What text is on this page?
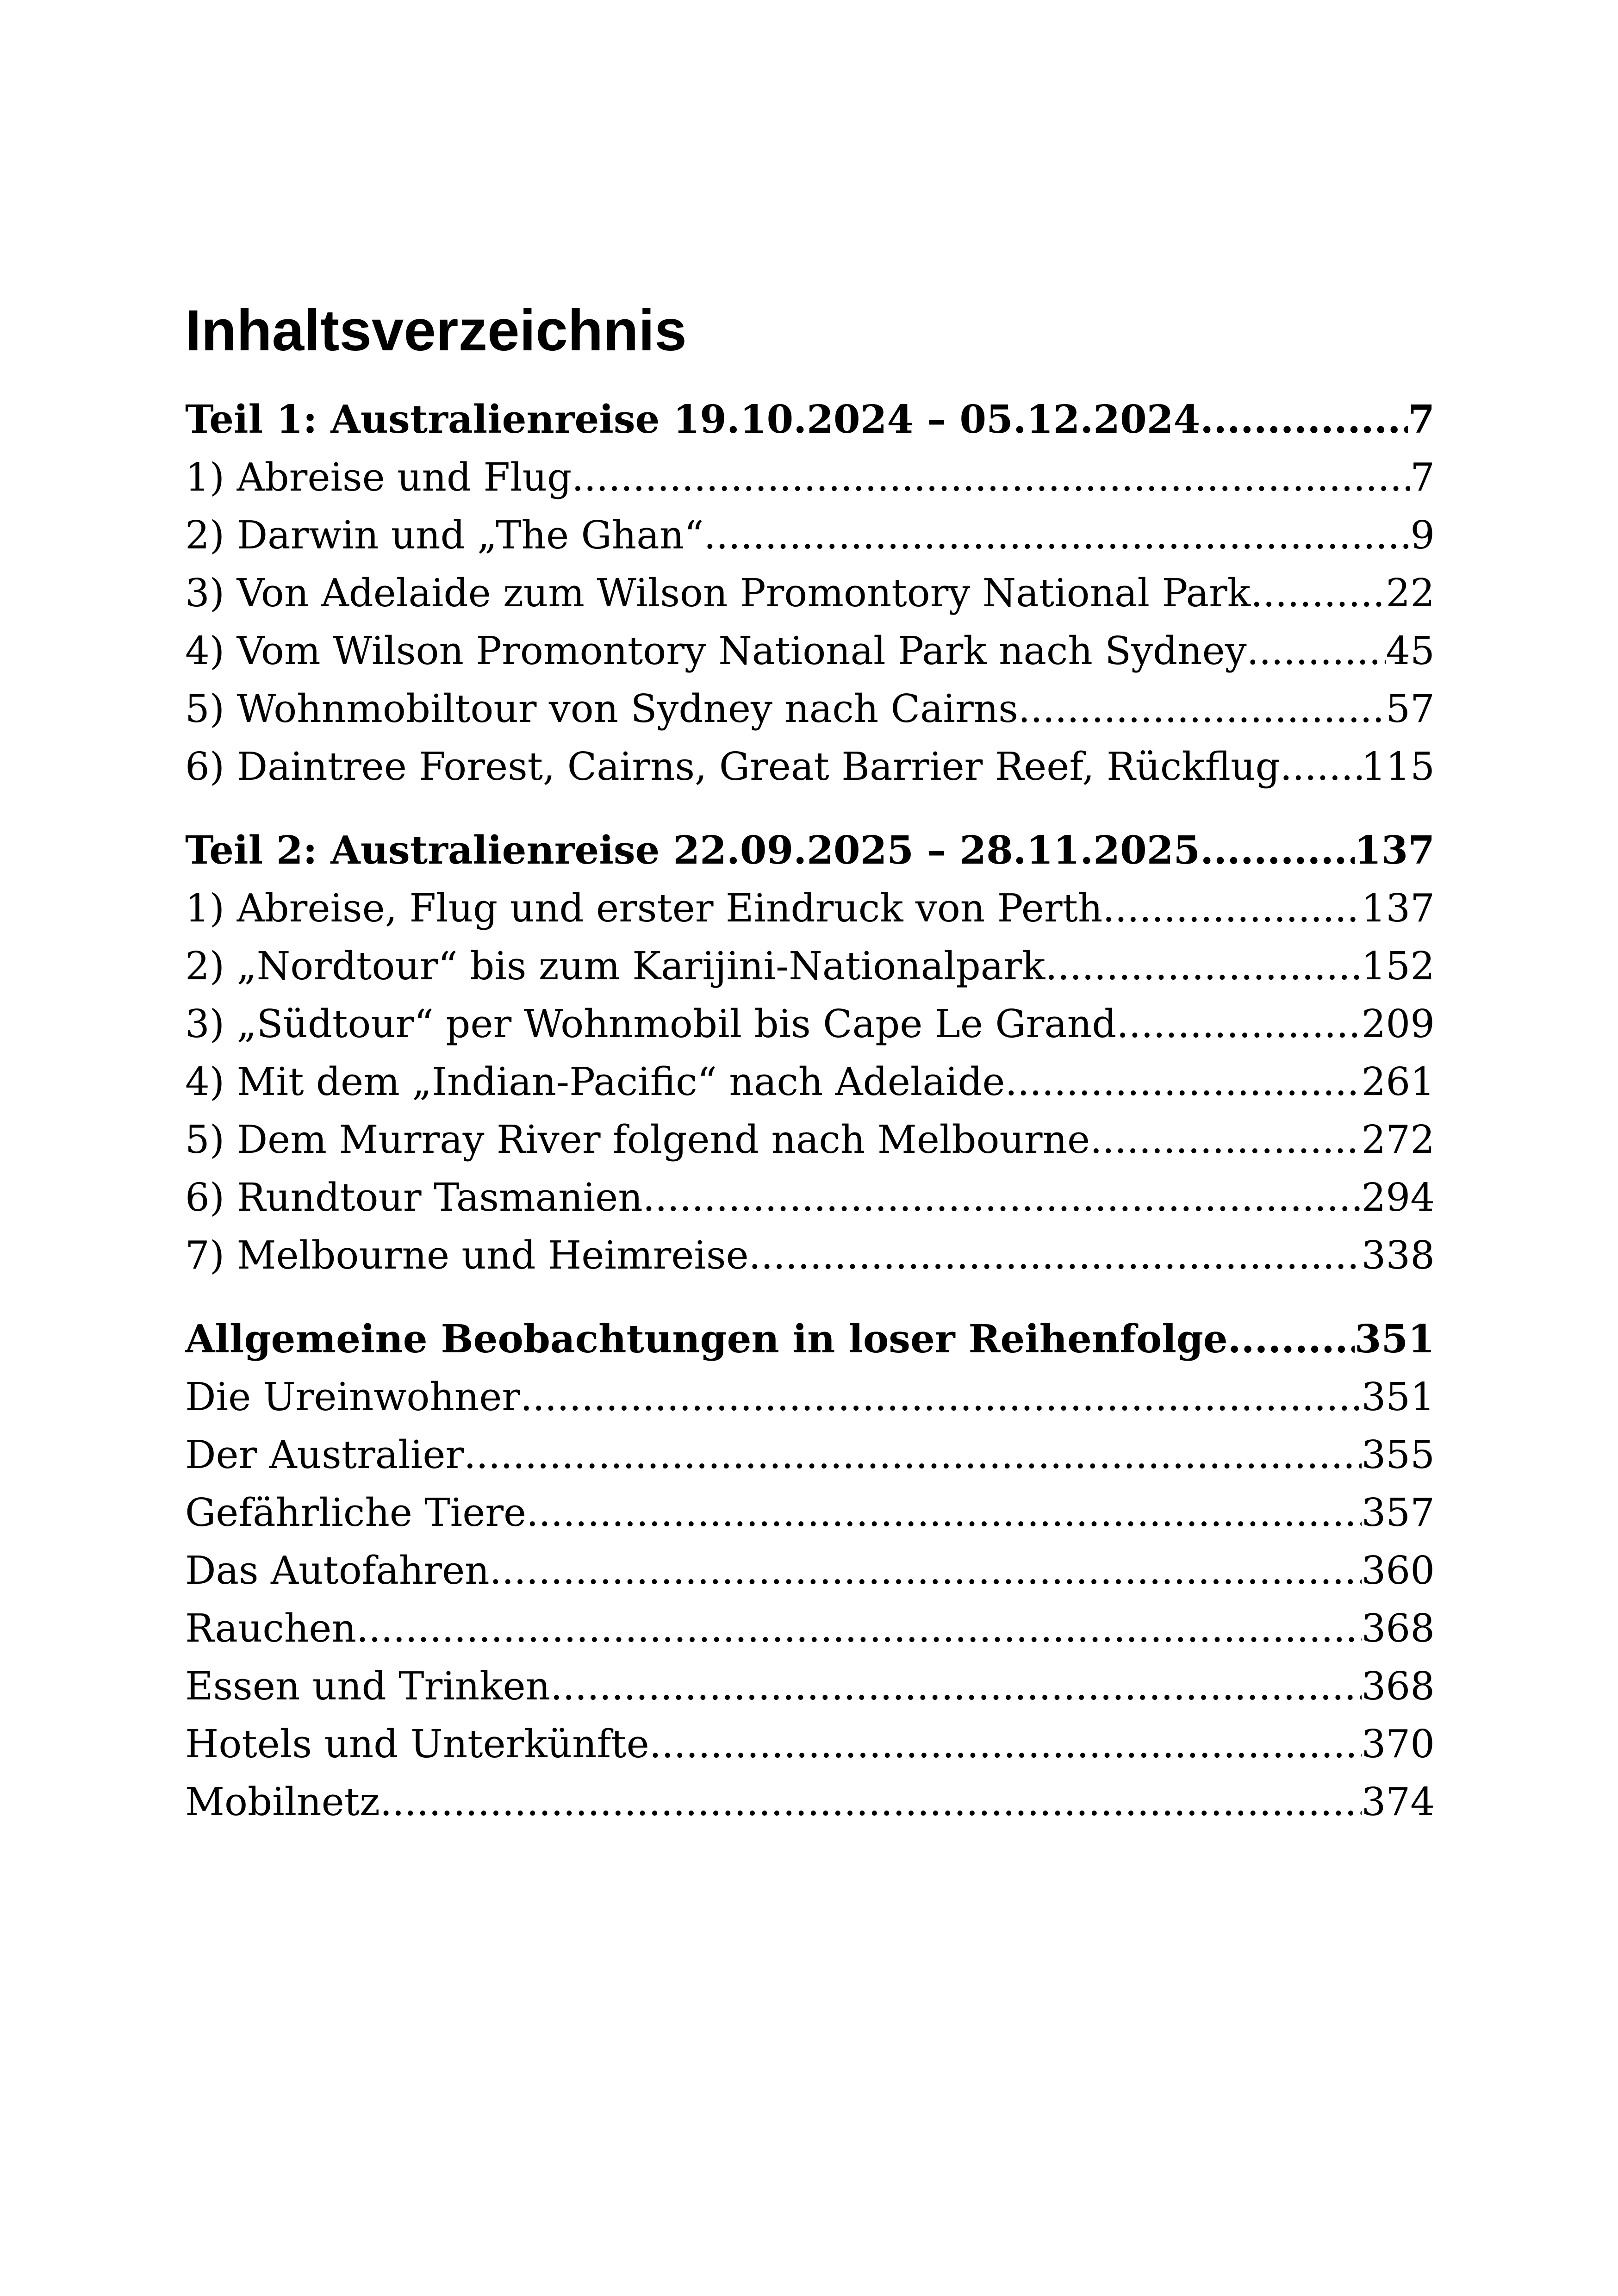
Inhaltsverzeichnis
Teil 1: Australienreise 19.10.2024 – 05.12.2024 .....	7
1) Abreise und Flug .....	7
2) Darwin und „The Ghan“ .....	9
3) Von Adelaide zum Wilson Promontory National Park .....	22
4) Vom Wilson Promontory National Park nach Sydney .....	45
5) Wohnmobiltour von Sydney nach Cairns .....	57
6) Daintree Forest, Cairns, Great Barrier Reef, Rückflug ..... 115
Teil 2: Australienreise 22.09.2025 – 28.11.2025 .....	137
1) Abreise, Flug und erster Eindruck von Perth .....	137
2) „Nordtour“ bis zum Karijini-Nationalpark .....	152
3) „Südtour“ per Wohnmobil bis Cape Le Grand .....	209
4) Mit dem „Indian-Pacific“ nach Adelaide .....	261
5) Dem Murray River folgend nach Melbourne .....	272
6) Rundtour Tasmanien .....	294
7) Melbourne und Heimreise .....	338
Allgemeine Beobachtungen in loser Reihenfolge .....	351
Die Ureinwohner .....	351
Der Australier .....	355
Gefährliche Tiere .....	357
Das Autofahren .....	360
Rauchen .....	368
Essen und Trinken .....	368
Hotels und Unterkünfte .....	370
Mobilnetz .....	374
